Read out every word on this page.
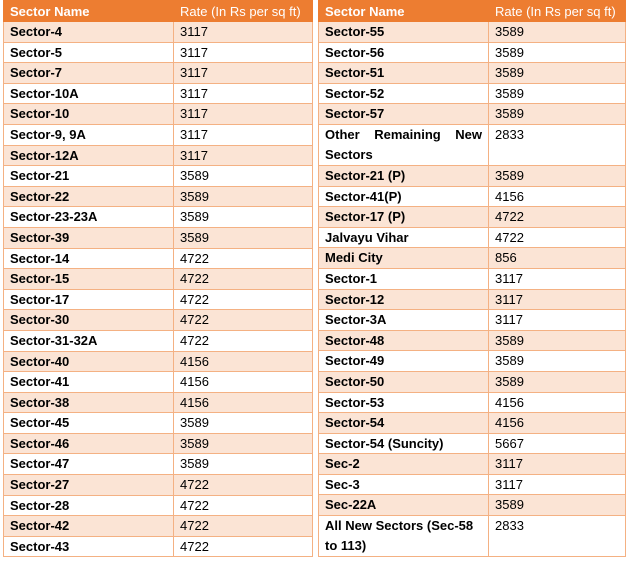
Sector Name	Rate (In Rs per sq ft)
Sector-4	3117
Sector-5	3117
Sector-7	3117
Sector-10A	3117
Sector-10	3117
Sector-9, 9A	3117
Sector-12A	3117
Sector-21	3589
Sector-22	3589
Sector-23-23A	3589
Sector-39	3589
Sector-14	4722
Sector-15	4722
Sector-17	4722
Sector-30	4722
Sector-31-32A	4722
Sector-40	4156
Sector-41	4156
Sector-38	4156
Sector-45	3589
Sector-46	3589
Sector-47	3589
Sector-27	4722
Sector-28	4722
Sector-42	4722
Sector-43	4722
Sector Name	Rate (In Rs per sq ft)
Sector-55	3589
Sector-56	3589
Sector-51	3589
Sector-52	3589
Sector-57	3589
Other Remaining New Sectors	2833
Sector-21 (P)	3589
Sector-41(P)	4156
Sector-17 (P)	4722
Jalvayu Vihar	4722
Medi City	856
Sector-1	3117
Sector-12	3117
Sector-3A	3117
Sector-48	3589
Sector-49	3589
Sector-50	3589
Sector-53	4156
Sector-54	4156
Sector-54 (Suncity)	5667
Sec-2	3117
Sec-3	3117
Sec-22A	3589
All New Sectors (Sec-58 to 113)	2833
